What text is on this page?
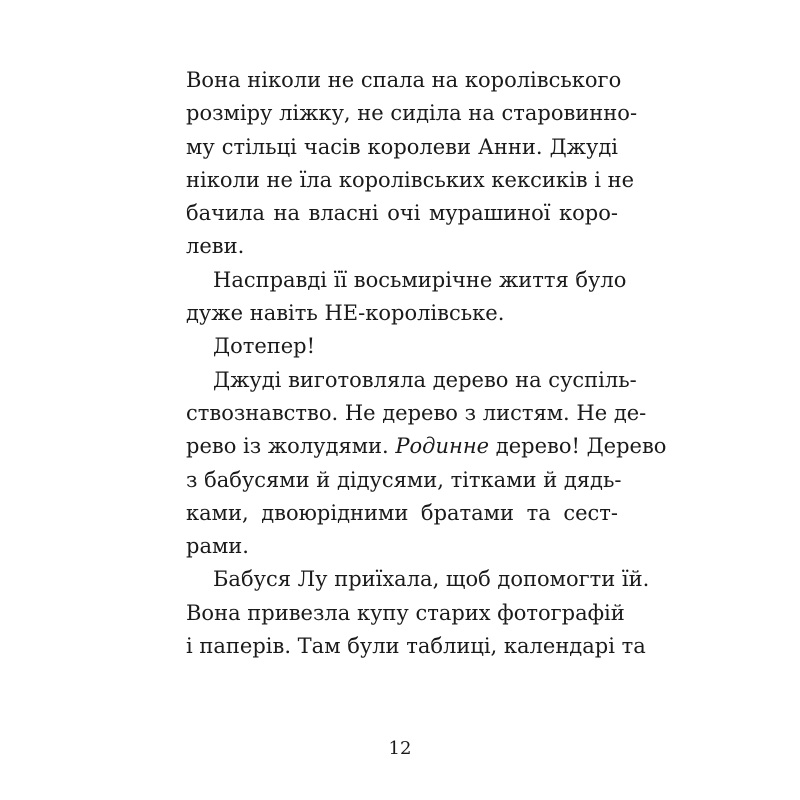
Вона ніколи не спала на королівського
розміру ліжку, не сиділа на старовинно-
му стільці часів королеви Анни. Джуді
ніколи не їла королівських кексиків і не
бачила на власні очі мурашиної коро-
леви.
Насправді її восьмирічне життя було
дуже навіть НЕ-королівське.
Дотепер!
Джуді виготовляла дерево на суспіль-
ствознавство. Не дерево з листям. Не де-
рево із жолудями. Родинне дерево! Дерево
з бабусями й дідусями, тітками й дядь-
ками, двоюрідними братами та сест-
рами.
Бабуся Лу приїхала, щоб допомогти їй.
Вона привезла купу старих фотографій
і паперів. Там були таблиці, календарі та
12
